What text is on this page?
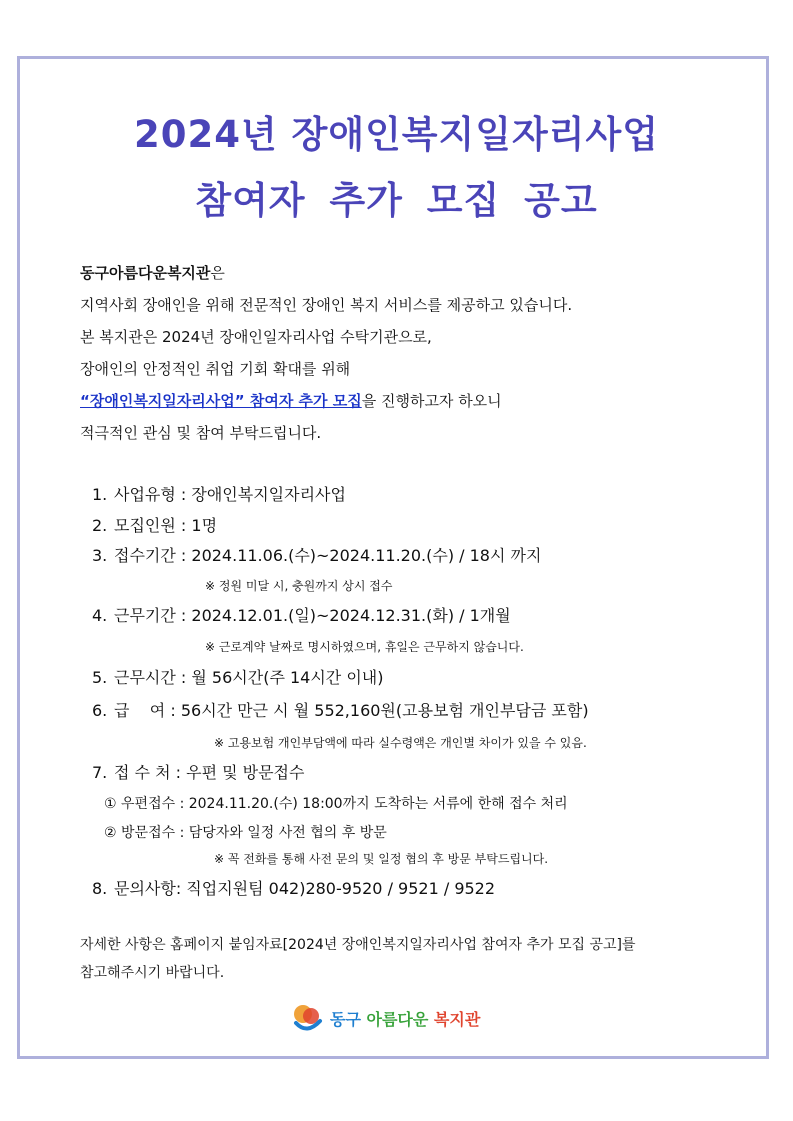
2024년 장애인복지일자리사업
참여자 추가 모집 공고
동구아름다운복지관은
지역사회 장애인을 위해 전문적인 장애인 복지 서비스를 제공하고 있습니다.
본 복지관은 2024년 장애인일자리사업 수탁기관으로,
장애인의 안정적인 취업 기회 확대를 위해
“장애인복지일자리사업” 참여자 추가 모집을 진행하고자 하오니
적극적인 관심 및 참여 부탁드립니다.
1. 사업유형 : 장애인복지일자리사업
2. 모집인원 : 1명
3. 접수기간 : 2024.11.06.(수)~2024.11.20.(수) / 18시 까지
※ 정원 미달 시, 충원까지 상시 접수
4. 근무기간 : 2024.12.01.(일)~2024.12.31.(화) / 1개월
※ 근로계약 날짜로 명시하였으며, 휴일은 근무하지 않습니다.
5. 근무시간 : 월 56시간(주 14시간 이내)
6. 급    여 : 56시간 만근 시 월 552,160원(고용보험 개인부담금 포함)
※ 고용보험 개인부담액에 따라 실수령액은 개인별 차이가 있을 수 있음.
7. 접 수 처 : 우편 및 방문접수
① 우편접수 : 2024.11.20.(수) 18:00까지 도착하는 서류에 한해 접수 처리
② 방문접수 : 담당자와 일정 사전 협의 후 방문
※ 꼭 전화를 통해 사전 문의 및 일정 협의 후 방문 부탁드립니다.
8. 문의사항: 직업지원팀 042)280-9520 / 9521 / 9522
자세한 사항은 홈페이지 붙임자료[2024년 장애인복지일자리사업 참여자 추가 모집 공고]를
참고해주시기 바랍니다.
동구 아름다운 복지관
